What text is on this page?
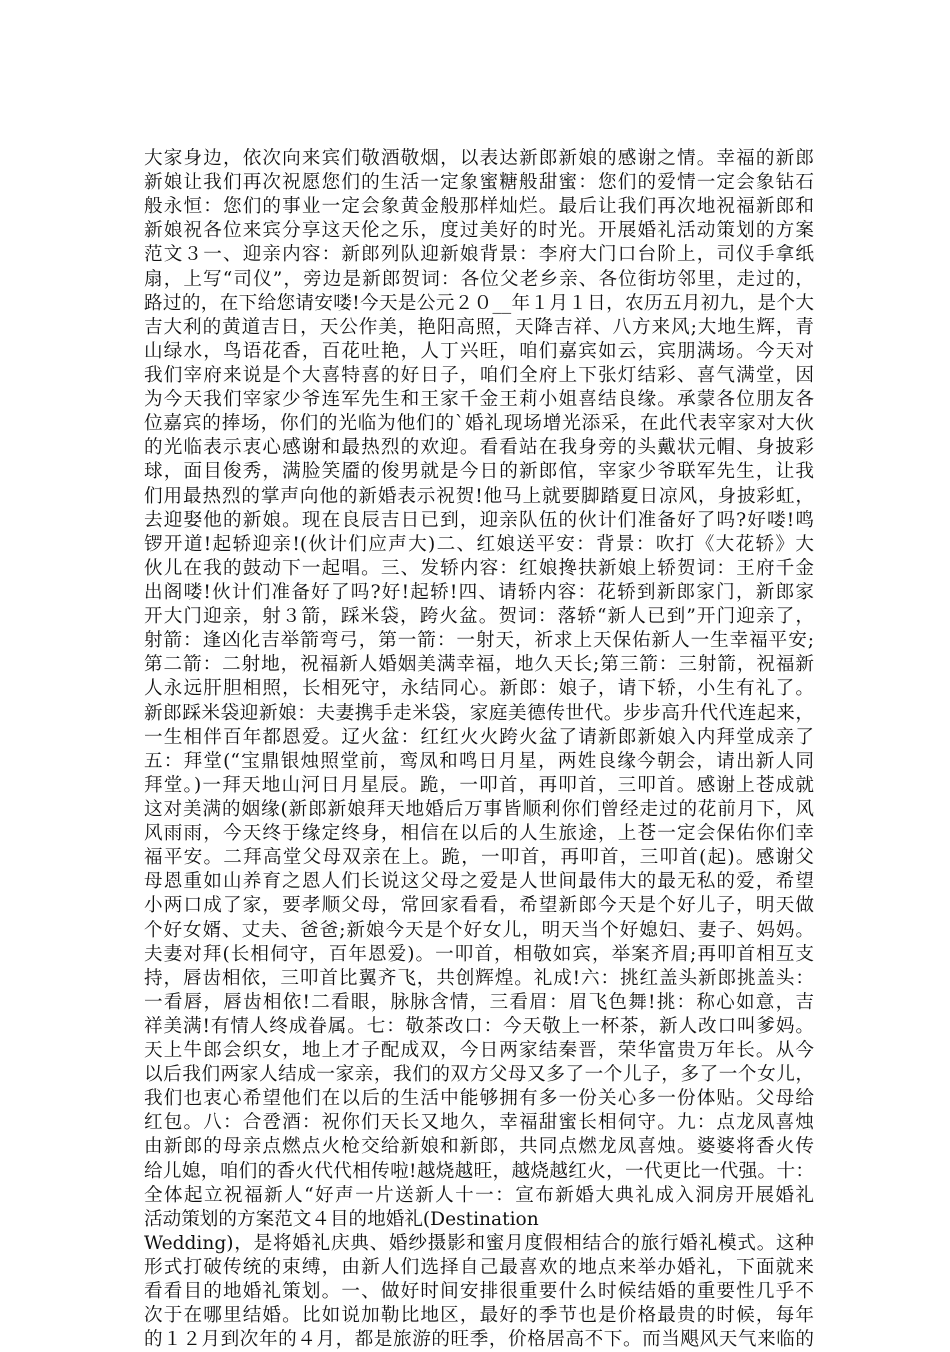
大家身边，依次向来宾们敬酒敬烟，以表达新郎新娘的感谢之情。幸福的新郎
新娘让我们再次祝愿您们的生活一定象蜜糖般甜蜜：您们的爱情一定会象钻石
般永恒：您们的事业一定会象黄金般那样灿烂。最后让我们再次地祝福新郎和
新娘祝各位来宾分享这天伦之乐，度过美好的时光。开展婚礼活动策划的方案
范文３一、迎亲内容：新郎列队迎新娘背景：李府大门口台阶上，司仪手拿纸
扇，上写“司仪”，旁边是新郎贺词：各位父老乡亲、各位街坊邻里，走过的，
路过的，在下给您请安喽!今天是公元２０__年１月１日，农历五月初九，是个大
吉大利的黄道吉日，天公作美，艳阳高照，天降吉祥、八方来风;大地生辉，青
山绿水，鸟语花香，百花吐艳，人丁兴旺，咱们嘉宾如云，宾朋满场。今天对
我们宰府来说是个大喜特喜的好日子，咱们全府上下张灯结彩、喜气满堂，因
为今天我们宰家少爷连军先生和王家千金王莉小姐喜结良缘。承蒙各位朋友各
位嘉宾的捧场，你们的光临为他们的`婚礼现场增光添采，在此代表宰家对大伙
的光临表示衷心感谢和最热烈的欢迎。看看站在我身旁的头戴状元帽、身披彩
球，面目俊秀，满脸笑靥的俊男就是今日的新郎倌，宰家少爷联军先生，让我
们用最热烈的掌声向他的新婚表示祝贺!他马上就要脚踏夏日凉风，身披彩虹，
去迎娶他的新娘。现在良辰吉日已到，迎亲队伍的伙计们准备好了吗?好喽!鸣
锣开道!起轿迎亲!(伙计们应声大)二、红娘送平安：背景：吹打《大花轿》大
伙儿在我的鼓动下一起唱。三、发轿内容：红娘搀扶新娘上轿贺词：王府千金
出阁喽!伙计们准备好了吗?好!起轿!四、请轿内容：花轿到新郎家门，新郎家
开大门迎亲，射３箭，踩米袋，跨火盆。贺词：落轿“新人已到”开门迎亲了，
射箭：逢凶化吉举箭弯弓，第一箭：一射天，祈求上天保佑新人一生幸福平安;
第二箭：二射地，祝福新人婚姻美满幸福，地久天长;第三箭：三射箭，祝福新
人永远肝胆相照，长相死守，永结同心。新郎：娘子，请下轿，小生有礼了。
新郎踩米袋迎新娘：夫妻携手走米袋，家庭美德传世代。步步高升代代连起来，
一生相伴百年都恩爱。辽火盆：红红火火跨火盆了请新郎新娘入内拜堂成亲了
五：拜堂(“宝鼎银烛照堂前，鸾凤和鸣日月星，两姓良缘今朝会，请出新人同
拜堂。)一拜天地山河日月星辰。跪，一叩首，再叩首，三叩首。感谢上苍成就
这对美满的姻缘(新郎新娘拜天地婚后万事皆顺利你们曾经走过的花前月下，风
风雨雨，今天终于缘定终身，相信在以后的人生旅途，上苍一定会保佑你们幸
福平安。二拜高堂父母双亲在上。跪，一叩首，再叩首，三叩首(起)。感谢父
母恩重如山养育之恩人们长说这父母之爱是人世间最伟大的最无私的爱，希望
小两口成了家，要孝顺父母，常回家看看，希望新郎今天是个好儿子，明天做
个好女婿、丈夫、爸爸;新娘今天是个好女儿，明天当个好媳妇、妻子、妈妈。
夫妻对拜(长相伺守，百年恩爱)。一叩首，相敬如宾，举案齐眉;再叩首相互支
持，唇齿相依，三叩首比翼齐飞，共创辉煌。礼成!六：挑红盖头新郎挑盖头：
一看唇，唇齿相依!二看眼，脉脉含情，三看眉：眉飞色舞!挑：称心如意，吉
祥美满!有情人终成眷属。七：敬茶改口：今天敬上一杯茶，新人改口叫爹妈。
天上牛郎会织女，地上才子配成双，今日两家结秦晋，荣华富贵万年长。从今
以后我们两家人结成一家亲，我们的双方父母又多了一个儿子，多了一个女儿，
我们也衷心希望他们在以后的生活中能够拥有多一份关心多一份体贴。父母给
红包。八：合卺酒：祝你们天长又地久，幸福甜蜜长相伺守。九：点龙凤喜烛
由新郎的母亲点燃点火枪交给新娘和新郎，共同点燃龙凤喜烛。婆婆将香火传
给儿媳，咱们的香火代代相传啦!越烧越旺，越烧越红火，一代更比一代强。十：
全体起立祝福新人“好声一片送新人十一：宣布新婚大典礼成入洞房开展婚礼
活动策划的方案范文４目的地婚礼(Destination
Wedding)，是将婚礼庆典、婚纱摄影和蜜月度假相结合的旅行婚礼模式。这种
形式打破传统的束缚，由新人们选择自己最喜欢的地点来举办婚礼，下面就来
看看目的地婚礼策划。一、做好时间安排很重要什么时候结婚的重要性几乎不
次于在哪里结婚。比如说加勒比地区，最好的季节也是价格最贵的时候，每年
的１２月到次年的４月，都是旅游的旺季，价格居高不下。而当飓风天气来临的
